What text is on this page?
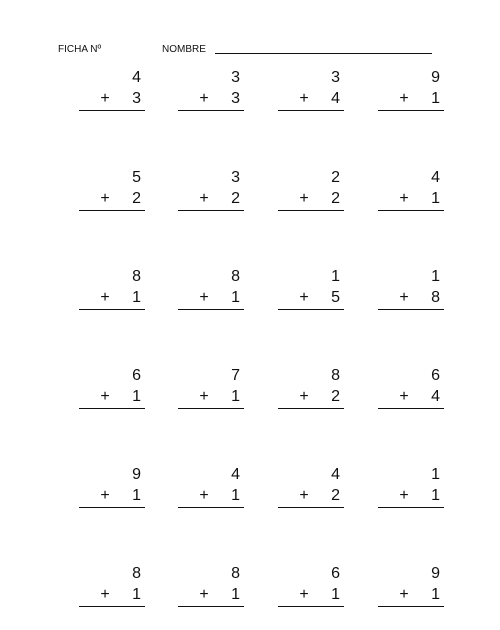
FICHA Nº	NOMBRE
4
+	3
3
+	3
3
+	4
9
+	1
5
+	2
3
+	2
2
+	2
4
+	1
8
+	1
8
+	1
1
+	5
1
+	8
6
+	1
7
+	1
8
+	2
6
+	4
9
+	1
4
+	1
4
+	2
1
+	1
8
+	1
8
+	1
6
+	1
9
+	1
